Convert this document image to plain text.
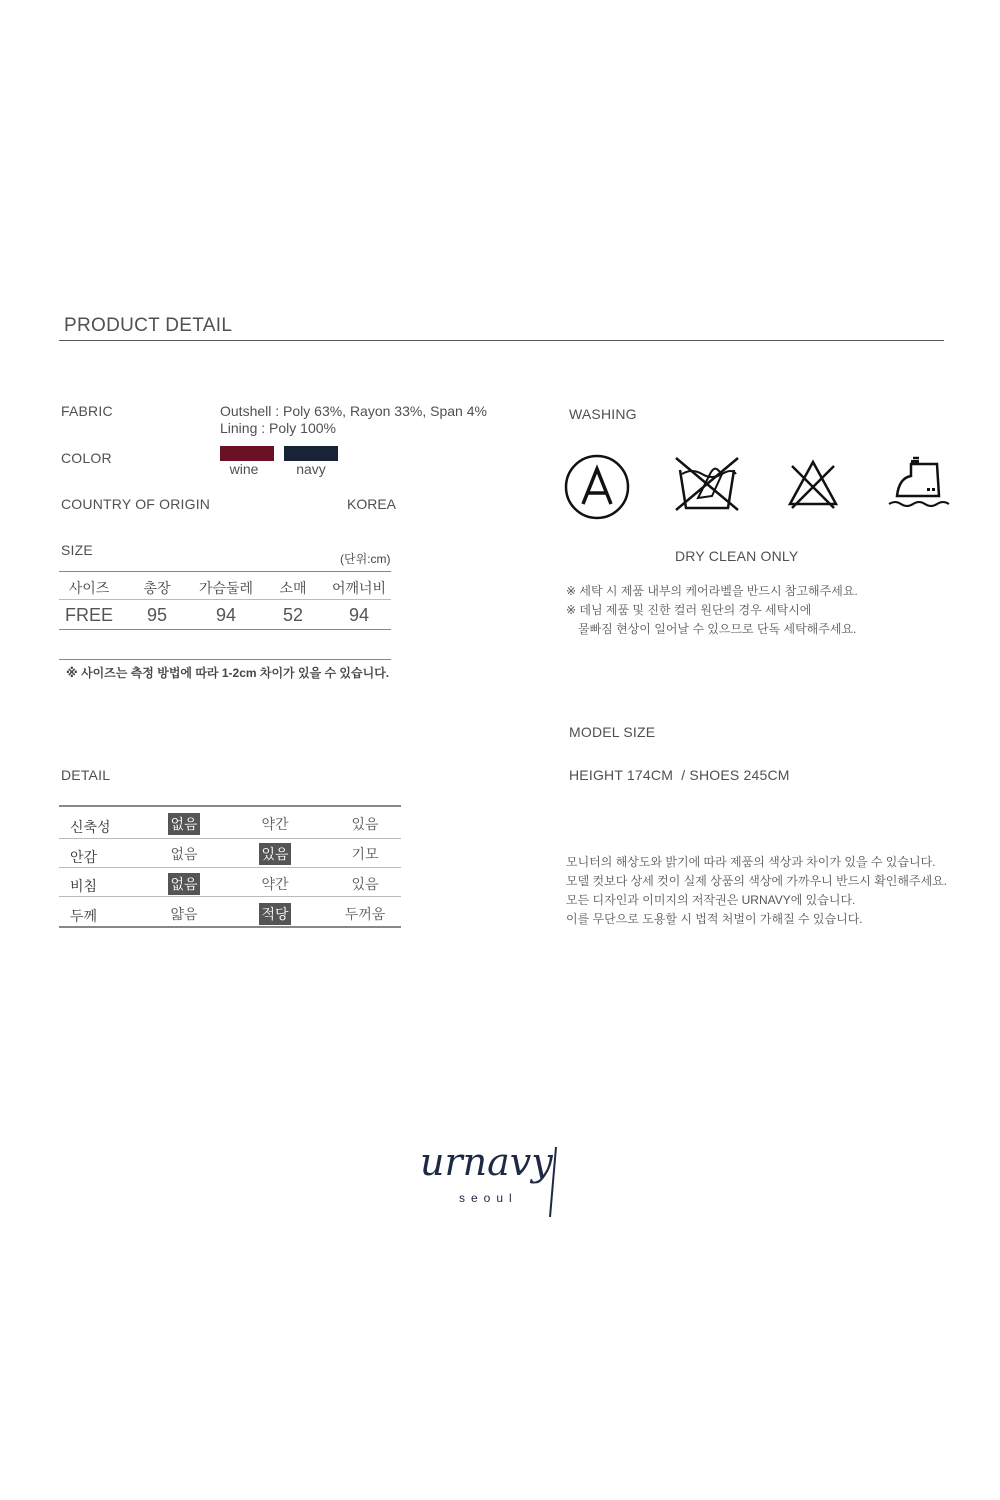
PRODUCT DETAIL
FABRIC	Outshell : Poly 63%, Rayon 33%, Span 4%
Lining : Poly 100%
COLOR
wine	navy
COUNTRY OF ORIGIN	KOREA
SIZE
(단위:cm)
사이즈	총장	가슴둘레	소매	어깨너비
FREE	95	94	52	94
※ 사이즈는 측정 방법에 따라 1-2cm 차이가 있을 수 있습니다.
DETAIL
신축성	없음	약간	있음
안감	없음	있음	기모
비침	없음	약간	있음
두께	얇음	적당	두꺼움
WASHING
DRY CLEAN ONLY
※ 세탁 시 제품 내부의 케어라벨을 반드시 참고해주세요.
※ 데님 제품 및 진한 컬러 원단의 경우 세탁시에
물빠짐 현상이 일어날 수 있으므로 단독 세탁해주세요.
MODEL SIZE
HEIGHT 174CM  / SHOES 245CM
모니터의 해상도와 밝기에 따라 제품의 색상과 차이가 있을 수 있습니다.
모델 컷보다 상세 컷이 실제 상품의 색상에 가까우니 반드시 확인해주세요.
모든 디자인과 이미지의 저작권은 URNAVY에 있습니다.
이를 무단으로 도용할 시 법적 처벌이 가해질 수 있습니다.
urnavy
seoul
